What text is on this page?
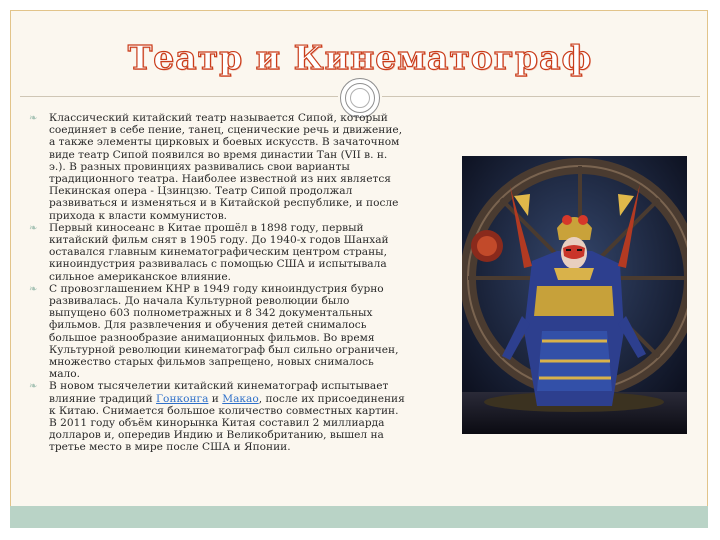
Театр и Кинематограф

❧ Классический китайский театр называется Сипой, который соединяет в себе пение, танец, сценические речь и движение, а также элементы цирковых и боевых искусств. В зачаточном виде театр Сипой появился во время династии Тан (VII в. н. э.). В разных провинциях развивались свои варианты традиционного театра. Наиболее известной из них является Пекинская опера - Цзинцзю. Театр Сипой продолжал развиваться и изменяться и в Китайской республике, и после прихода к власти коммунистов.

❧ Первый киносеанс в Китае прошёл в 1898 году, первый китайский фильм снят в 1905 году. До 1940-х годов Шанхай оставался главным кинематографическим центром страны, киноиндустрия развивалась с помощью США и испытывала сильное американское влияние.

❧ С провозглашением КНР в 1949 году киноиндустрия бурно развивалась. До начала Культурной революции было выпущено 603 полнометражных и 8 342 документальных фильмов. Для развлечения и обучения детей снималось большое разнообразие анимационных фильмов. Во время Культурной революции кинематограф был сильно ограничен, множество старых фильмов запрещено, новых снималось мало.

❧ В новом тысячелетии китайский кинематограф испытывает влияние традиций Гонконга и Макао, после их присоединения к Китаю. Снимается большое количество совместных картин. В 2011 году объём кинорынка Китая составил 2 миллиарда долларов и, опередив Индию и Великобританию, вышел на третье место в мире после США и Японии.
